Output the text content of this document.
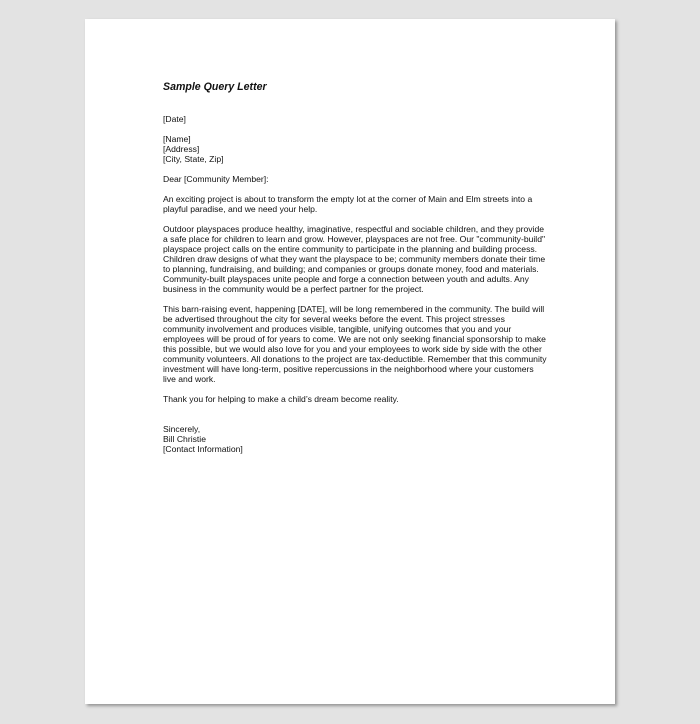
Sample Query Letter
[Date]
[Name]
[Address]
[City, State, Zip]
Dear [Community Member]:

An exciting project is about to transform the empty lot at the corner of Main and Elm streets into a playful paradise, and we need your help.

Outdoor playspaces produce healthy, imaginative, respectful and sociable children, and they provide a safe place for children to learn and grow. However, playspaces are not free. Our "community-build" playspace project calls on the entire community to participate in the planning and building process. Children draw designs of what they want the playspace to be; community members donate their time to planning, fundraising, and building; and companies or groups donate money, food and materials. Community-built playspaces unite people and forge a connection between youth and adults. Any business in the community would be a perfect partner for the project.

This barn-raising event, happening [DATE], will be long remembered in the community. The build will be advertised throughout the city for several weeks before the event. This project stresses community involvement and produces visible, tangible, unifying outcomes that you and your employees will be proud of for years to come. We are not only seeking financial sponsorship to make this possible, but we would also love for you and your employees to work side by side with the other community volunteers. All donations to the project are tax-deductible. Remember that this community investment will have long-term, positive repercussions in the neighborhood where your customers live and work.

Thank you for helping to make a child’s dream become reality.

Sincerely,
Bill Christie
[Contact Information]
